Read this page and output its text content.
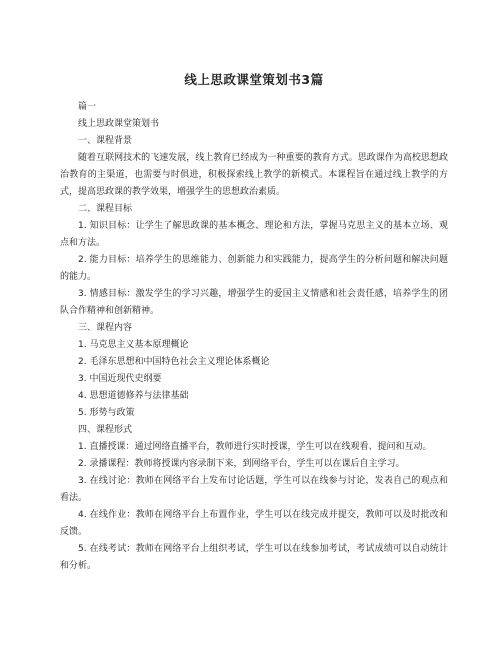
线上思政课堂策划书3篇

篇一

线上思政课堂策划书

一、课程背景

随着互联网技术的飞速发展，线上教育已经成为一种重要的教育方式。思政课作为高校思想政治教育的主渠道，也需要与时俱进，积极探索线上教学的新模式。本课程旨在通过线上教学的方式，提高思政课的教学效果，增强学生的思想政治素质。

二、课程目标

1. 知识目标：让学生了解思政课的基本概念、理论和方法，掌握马克思主义的基本立场、观点和方法。

2. 能力目标：培养学生的思维能力、创新能力和实践能力，提高学生的分析问题和解决问题的能力。

3. 情感目标：激发学生的学习兴趣，增强学生的爱国主义情感和社会责任感，培养学生的团队合作精神和创新精神。

三、课程内容

1. 马克思主义基本原理概论

2. 毛泽东思想和中国特色社会主义理论体系概论

3. 中国近现代史纲要

4. 思想道德修养与法律基础

5. 形势与政策

四、课程形式

1. 直播授课：通过网络直播平台，教师进行实时授课，学生可以在线观看、提问和互动。

2. 录播课程：教师将授课内容录制下来，到网络平台，学生可以在课后自主学习。

3. 在线讨论：教师在网络平台上发布讨论话题，学生可以在线参与讨论，发表自己的观点和看法。

4. 在线作业：教师在网络平台上布置作业，学生可以在线完成并提交，教师可以及时批改和反馈。

5. 在线考试：教师在网络平台上组织考试，学生可以在线参加考试，考试成绩可以自动统计和分析。
